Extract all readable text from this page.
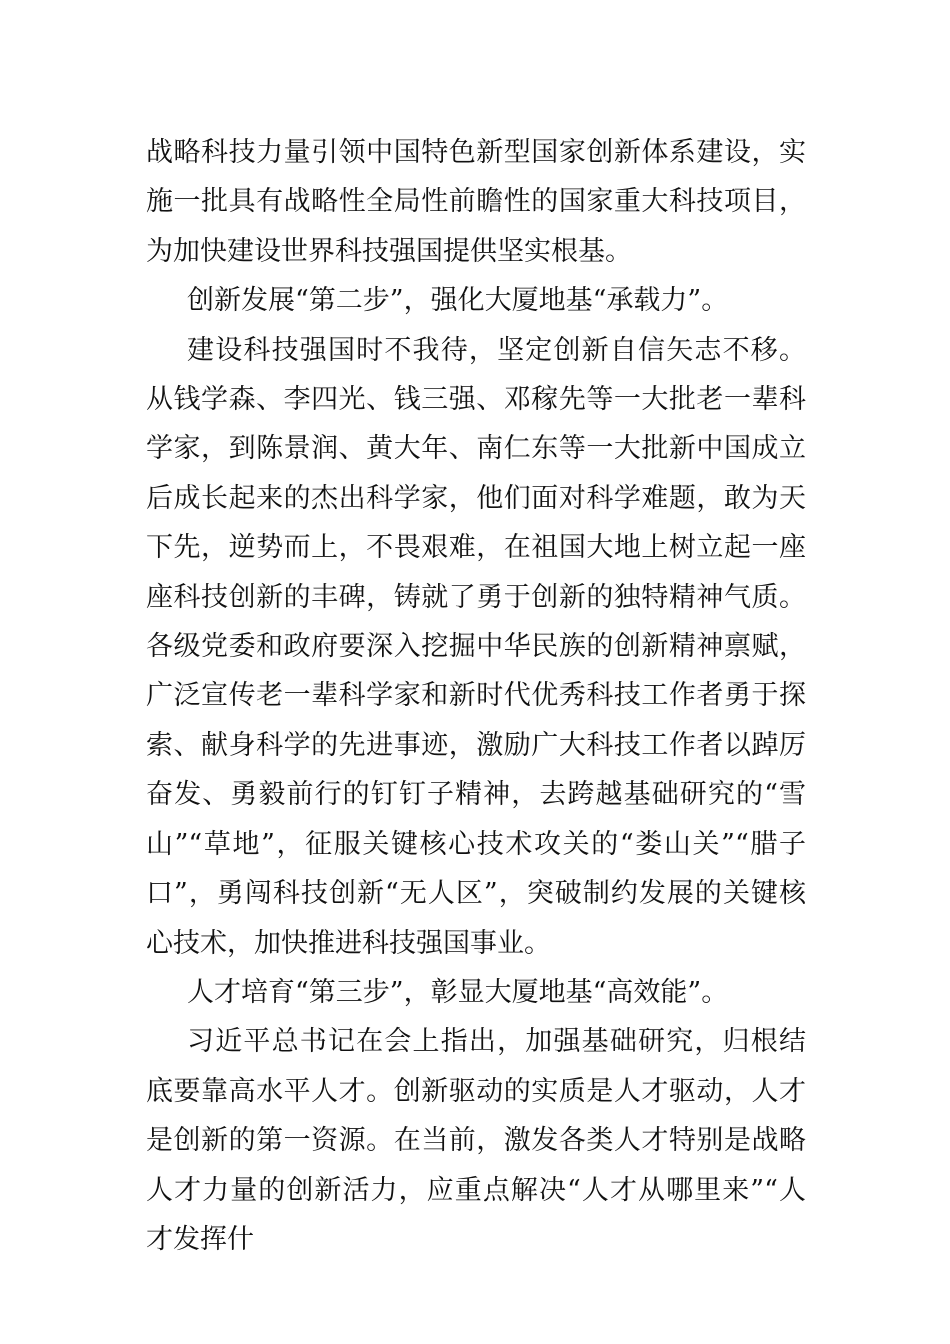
战略科技力量引领中国特色新型国家创新体系建设，实施一批具有战略性全局性前瞻性的国家重大科技项目，为加快建设世界科技强国提供坚实根基。

创新发展“第二步”，强化大厦地基“承载力”。

建设科技强国时不我待，坚定创新自信矢志不移。从钱学森、李四光、钱三强、邓稼先等一大批老一辈科学家，到陈景润、黄大年、南仁东等一大批新中国成立后成长起来的杰出科学家，他们面对科学难题，敢为天下先，逆势而上，不畏艰难，在祖国大地上树立起一座座科技创新的丰碑，铸就了勇于创新的独特精神气质。各级党委和政府要深入挖掘中华民族的创新精神禀赋，广泛宣传老一辈科学家和新时代优秀科技工作者勇于探索、献身科学的先进事迹，激励广大科技工作者以踔厉奋发、勇毅前行的钉钉子精神，去跨越基础研究的“雪山”“草地”，征服关键核心技术攻关的“娄山关”“腊子口”，勇闯科技创新“无人区”，突破制约发展的关键核心技术，加快推进科技强国事业。

人才培育“第三步”，彰显大厦地基“高效能”。

习近平总书记在会上指出，加强基础研究，归根结底要靠高水平人才。创新驱动的实质是人才驱动，人才是创新的第一资源。在当前，激发各类人才特别是战略人才力量的创新活力，应重点解决“人才从哪里来”“人才发挥什
